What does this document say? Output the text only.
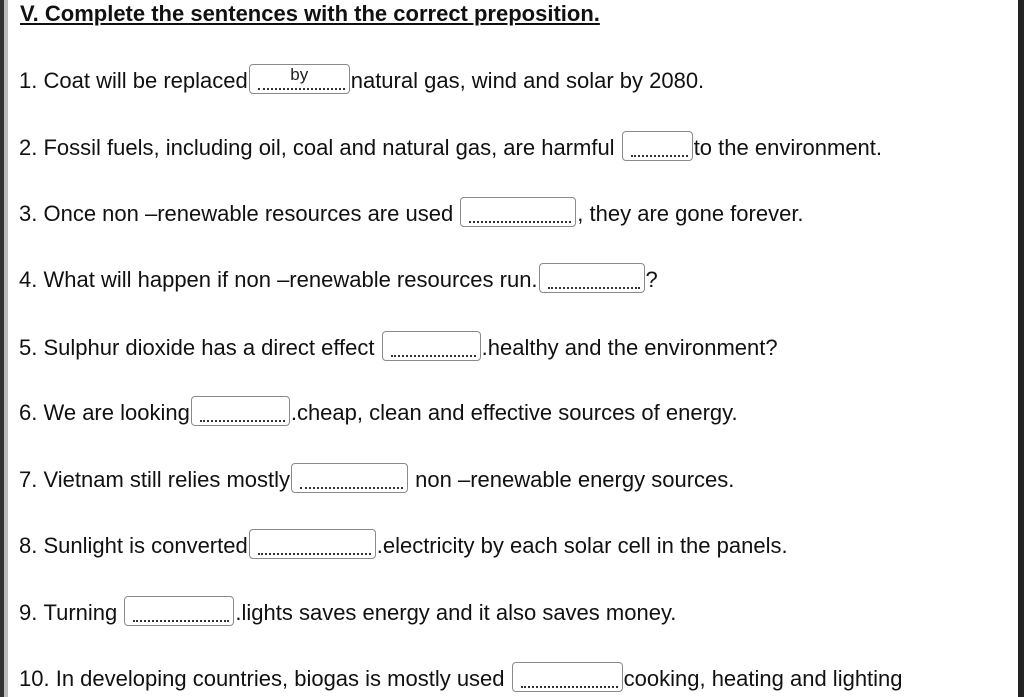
V. Complete the sentences with the correct preposition.
1.
Coat will be replaced	by	natural gas, wind and solar by 2080.
2.
Fossil fuels, including oil, coal and natural gas, are harmful	to the environment.
3.
Once non –renewable resources are used	, they are gone forever.
4.
What will happen if non –renewable resources run.	?
5.
Sulphur dioxide has a direct effect	.healthy and the environment?
6.
We are looking	.cheap, clean and effective sources of energy.
7.
Vietnam still relies mostly	non –renewable energy sources.
8.
Sunlight is converted	.electricity by each solar cell in the panels.
9.
Turning	.lights saves energy and it also saves money.
10.
In developing countries, biogas is mostly used	cooking, heating and lighting
